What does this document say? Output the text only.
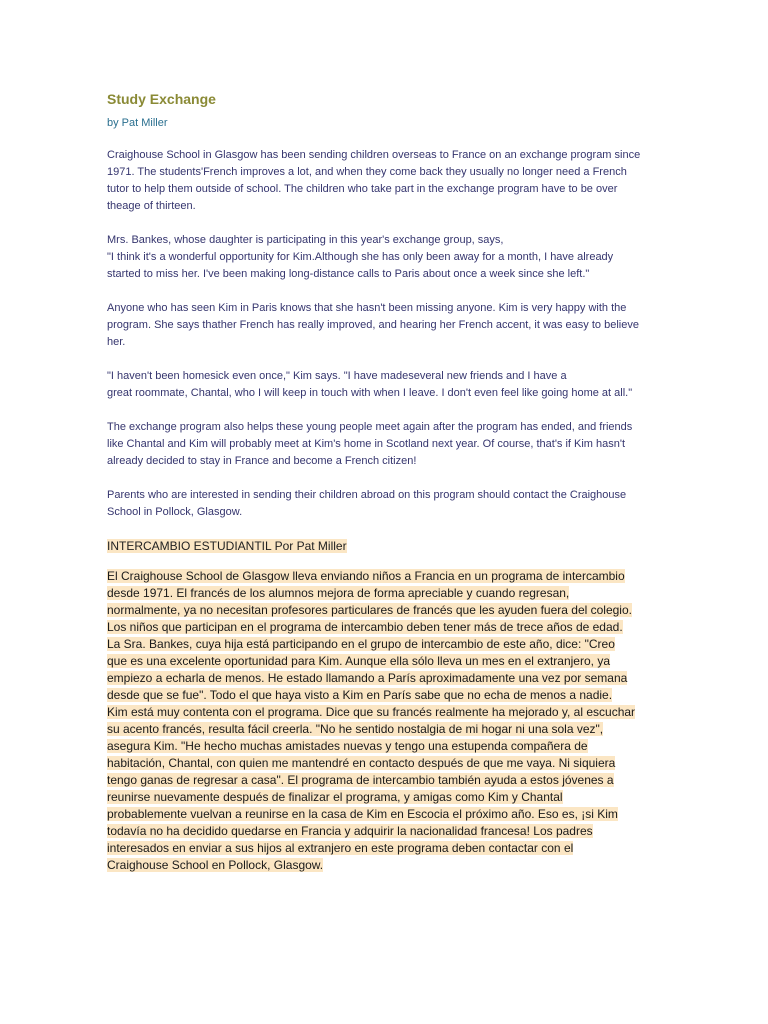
Study Exchange
by Pat Miller

Craighouse School in Glasgow has been sending children overseas to France on an exchange program since
1971. The students'French improves a lot, and when they come back they usually no longer need a French
tutor to help them outside of school. The children who take part in the exchange program have to be over
theage of thirteen.

Mrs. Bankes, whose daughter is participating in this year's exchange group, says,
"I think it's a wonderful opportunity for Kim.Although she has only been away for a month, I have already
started to miss her. I've been making long-distance calls to Paris about once a week since she left."

Anyone who has seen Kim in Paris knows that she hasn't been missing anyone. Kim is very happy with the
program. She says thather French has really improved, and hearing her French accent, it was easy to believe
her.

"I haven't been homesick even once," Kim says. "I have madeseveral new friends and I have a
great roommate, Chantal, who I will keep in touch with when I leave. I don't even feel like going home at all."

The exchange program also helps these young people meet again after the program has ended, and friends
like Chantal and Kim will probably meet at Kim's home in Scotland next year. Of course, that's if Kim hasn't
already decided to stay in France and become a French citizen!

Parents who are interested in sending their children abroad on this program should contact the Craighouse
School in Pollock, Glasgow.

INTERCAMBIO ESTUDIANTIL Por Pat Miller
El Craighouse School de Glasgow lleva enviando niños a Francia en un programa de intercambio
desde 1971. El francés de los alumnos mejora de forma apreciable y cuando regresan,
normalmente, ya no necesitan profesores particulares de francés que les ayuden fuera del colegio.
Los niños que participan en el programa de intercambio deben tener más de trece años de edad.
La Sra. Bankes, cuya hija está participando en el grupo de intercambio de este año, dice: "Creo
que es una excelente oportunidad para Kim. Aunque ella sólo lleva un mes en el extranjero, ya
empiezo a echarla de menos. He estado llamando a París aproximadamente una vez por semana
desde que se fue". Todo el que haya visto a Kim en París sabe que no echa de menos a nadie.
Kim está muy contenta con el programa. Dice que su francés realmente ha mejorado y, al escuchar
su acento francés, resulta fácil creerla. "No he sentido nostalgia de mi hogar ni una sola vez",
asegura Kim. "He hecho muchas amistades nuevas y tengo una estupenda compañera de
habitación, Chantal, con quien me mantendré en contacto después de que me vaya. Ni siquiera
tengo ganas de regresar a casa". El programa de intercambio también ayuda a estos jóvenes a
reunirse nuevamente después de finalizar el programa, y amigas como Kim y Chantal
probablemente vuelvan a reunirse en la casa de Kim en Escocia el próximo año. Eso es, ¡si Kim
todavía no ha decidido quedarse en Francia y adquirir la nacionalidad francesa! Los padres
interesados en enviar a sus hijos al extranjero en este programa deben contactar con el
Craighouse School en Pollock, Glasgow.
